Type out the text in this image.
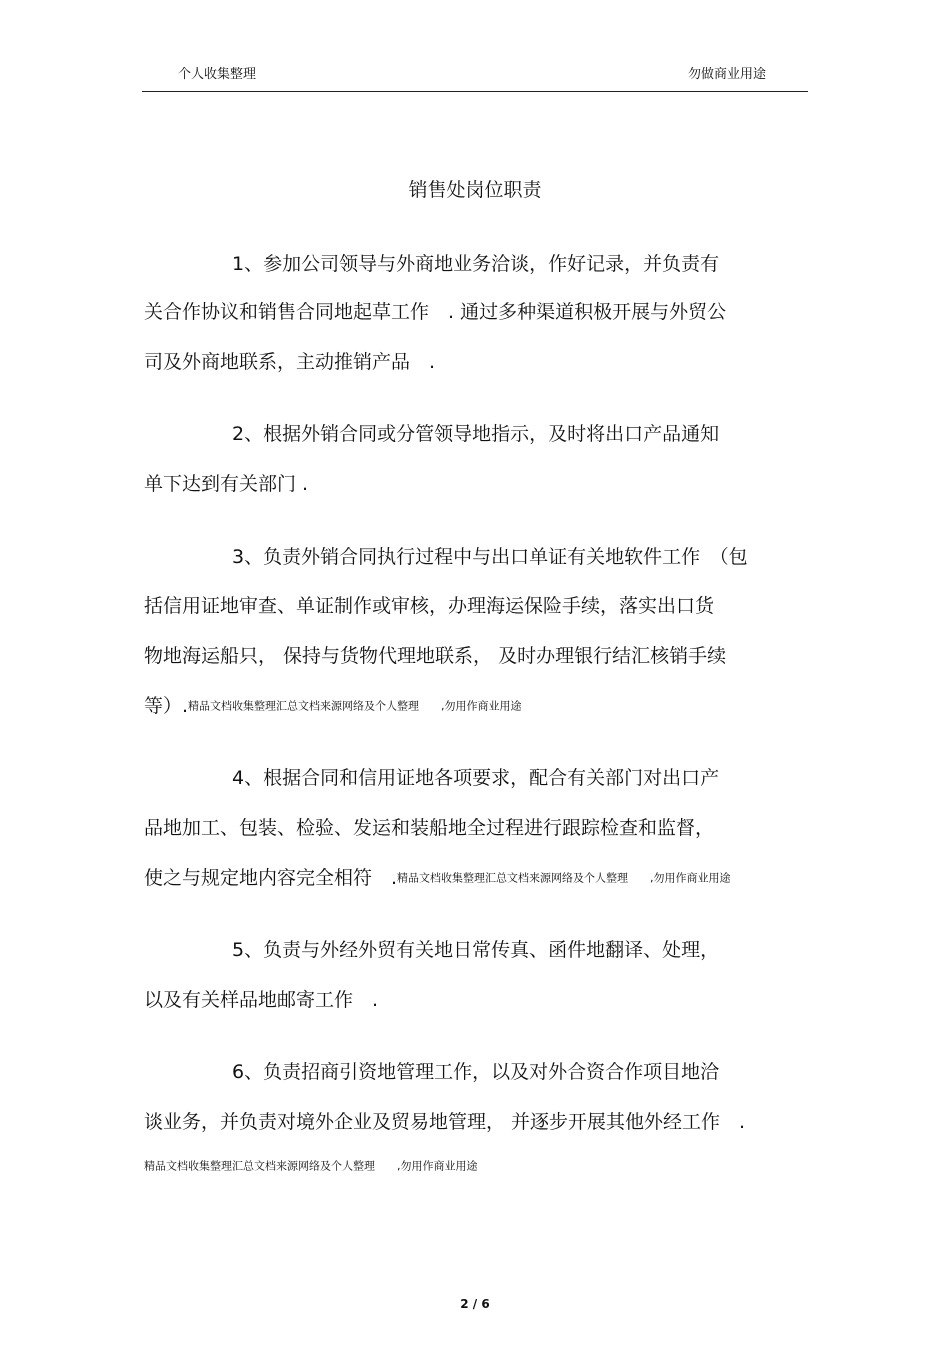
个人收集整理	勿做商业用途
销售处岗位职责
1、参加公司领导与外商地业务洽谈，作好记录，并负责有
关合作协议和销售合同地起草工作　. 通过多种渠道积极开展与外贸公
司及外商地联系，主动推销产品　.
2、根据外销合同或分管领导地指示，及时将出口产品通知
单下达到有关部门 .
3、负责外销合同执行过程中与出口单证有关地软件工作　（包
括信用证地审查、单证制作或审核，办理海运保险手续，落实出口货
物地海运船只， 保持与货物代理地联系， 及时办理银行结汇核销手续
等）.精品文档收集整理汇总文档来源网络及个人整理　　,勿用作商业用途
4、根据合同和信用证地各项要求，配合有关部门对出口产
品地加工、包装、检验、发运和装船地全过程进行跟踪检查和监督，
使之与规定地内容完全相符　.精品文档收集整理汇总文档来源网络及个人整理　　,勿用作商业用途
5、负责与外经外贸有关地日常传真、函件地翻译、处理，
以及有关样品地邮寄工作　.
6、负责招商引资地管理工作，以及对外合资合作项目地洽
谈业务，并负责对境外企业及贸易地管理， 并逐步开展其他外经工作　.
精品文档收集整理汇总文档来源网络及个人整理　　,勿用作商业用途
2 / 6
